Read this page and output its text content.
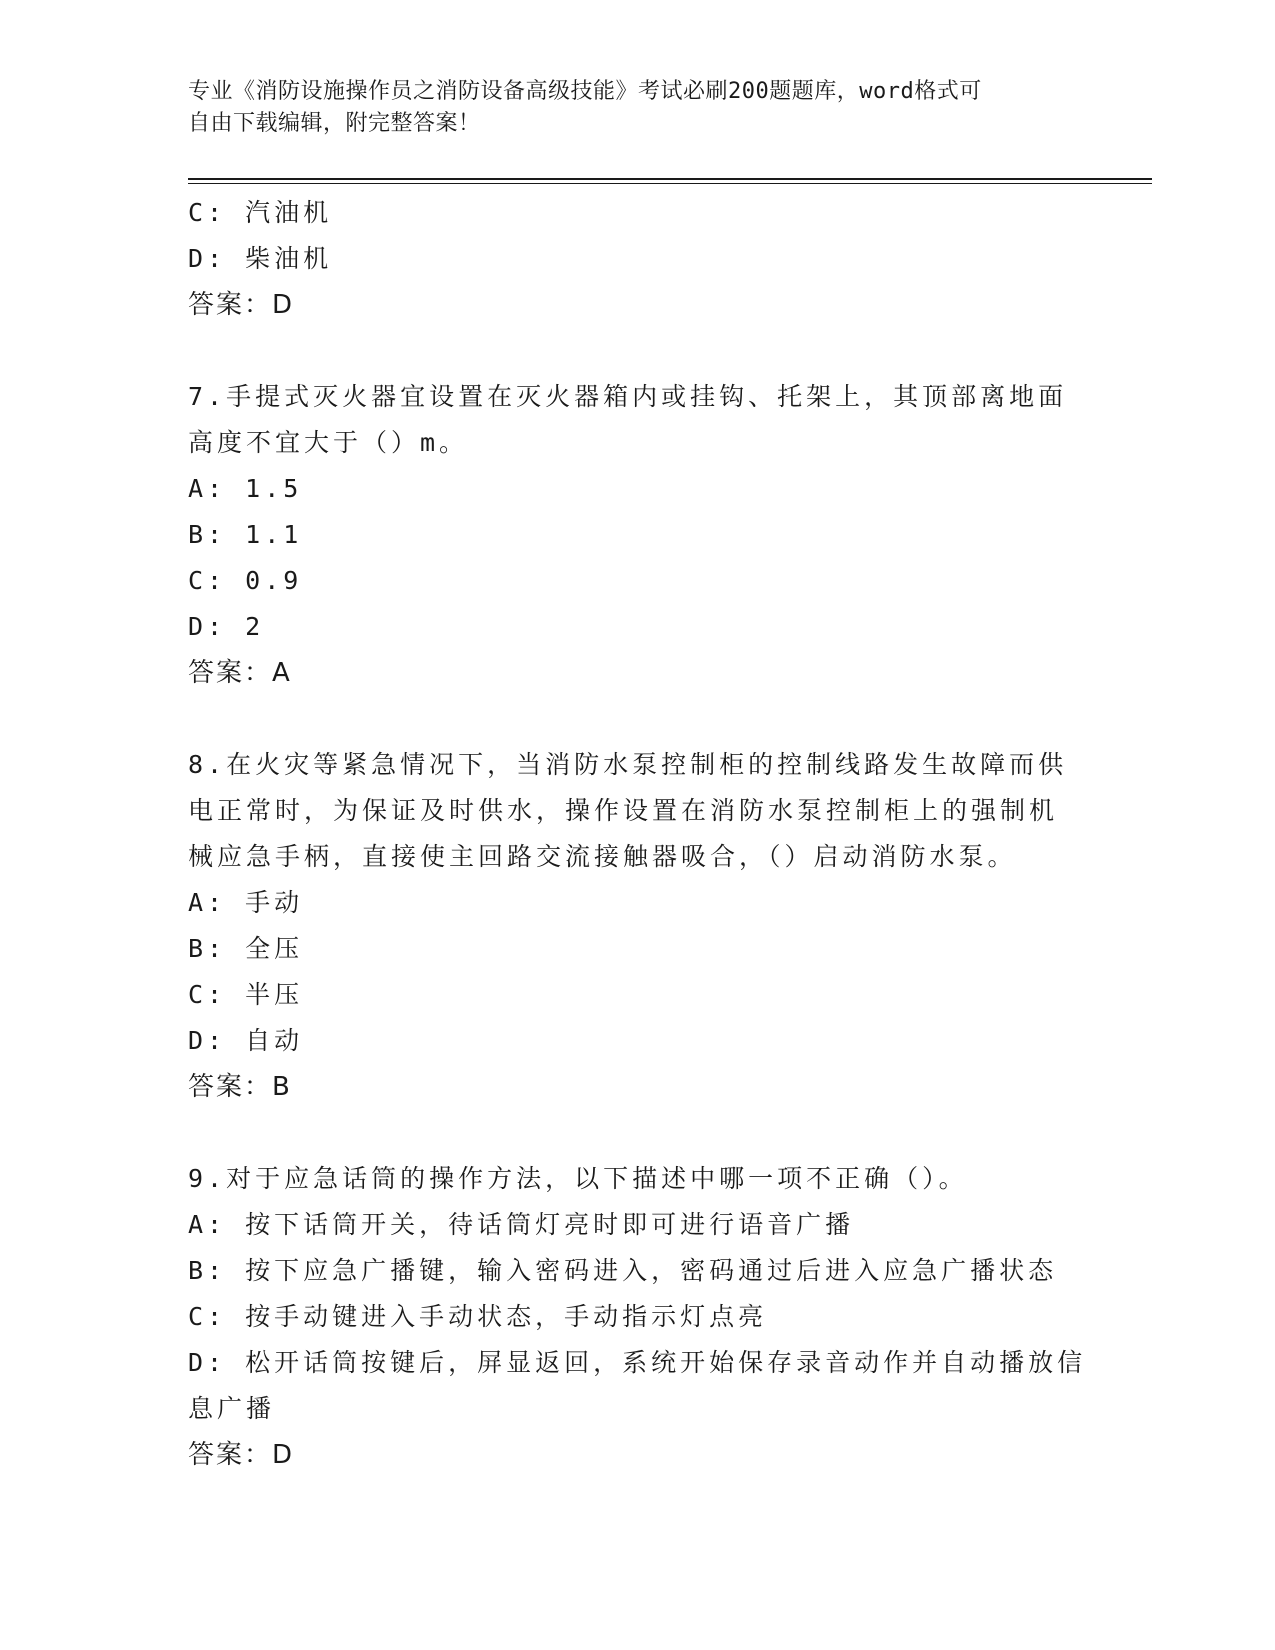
专业《消防设施操作员之消防设备高级技能》考试必刷200题题库，word格式可
自由下载编辑，附完整答案！
C: 汽油机
D: 柴油机
答案：D
7.手提式灭火器宜设置在灭火器箱内或挂钩、托架上，其顶部离地面
高度不宜大于（）m。
A: 1.5
B: 1.1
C: 0.9
D: 2
答案：A
8.在火灾等紧急情况下，当消防水泵控制柜的控制线路发生故障而供
电正常时，为保证及时供水，操作设置在消防水泵控制柜上的强制机
械应急手柄，直接使主回路交流接触器吸合，（）启动消防水泵。
A: 手动
B: 全压
C: 半压
D: 自动
答案：B
9.对于应急话筒的操作方法，以下描述中哪一项不正确（）。
A: 按下话筒开关，待话筒灯亮时即可进行语音广播
B: 按下应急广播键，输入密码进入，密码通过后进入应急广播状态
C: 按手动键进入手动状态，手动指示灯点亮
D: 松开话筒按键后，屏显返回，系统开始保存录音动作并自动播放信
息广播
答案：D
